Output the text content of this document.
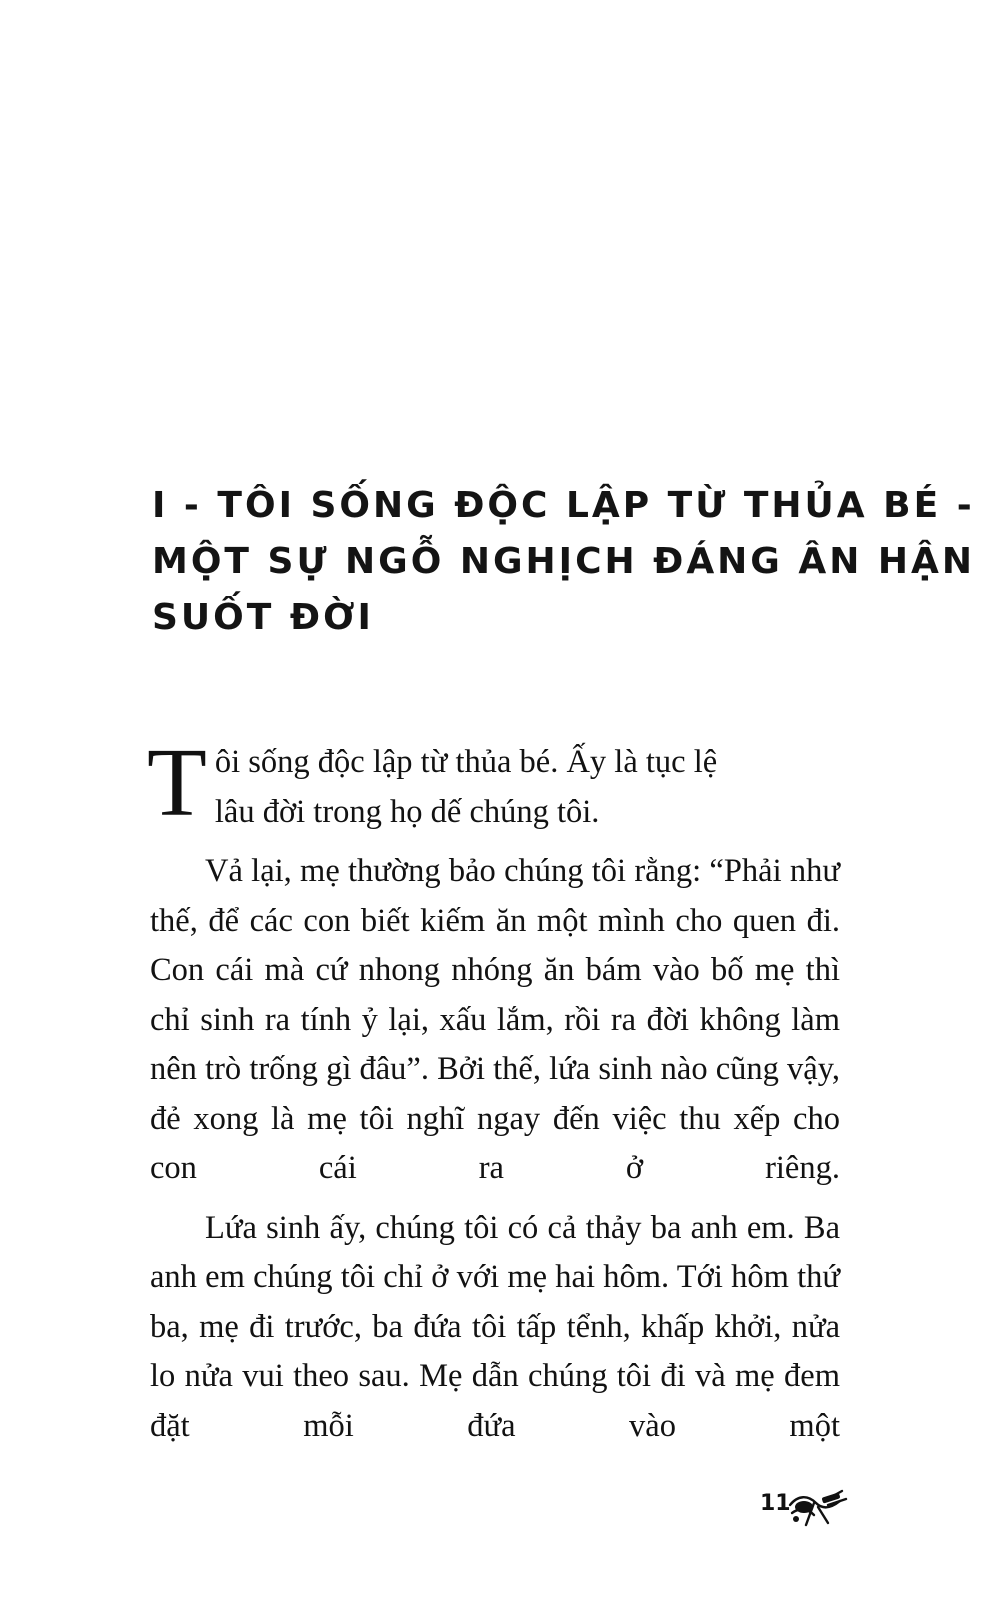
I - TÔI SỐNG ĐỘC LẬP TỪ THỦA BÉ -
MỘT SỰ NGỖ NGHỊCH ĐÁNG ÂN HẬN
SUỐT ĐỜI

T ôi sống độc lập từ thủa bé. Ấy là tục lệ
lâu đời trong họ dế chúng tôi.

Vả lại, mẹ thường bảo chúng tôi rằng: “Phải như thế, để các con biết kiếm ăn một mình cho quen đi. Con cái mà cứ nhong nhóng ăn bám vào bố mẹ thì chỉ sinh ra tính ỷ lại, xấu lắm, rồi ra đời không làm nên trò trống gì đâu”. Bởi thế, lứa sinh nào cũng vậy, đẻ xong là mẹ tôi nghĩ ngay đến việc thu xếp cho con cái ra ở riêng.

Lứa sinh ấy, chúng tôi có cả thảy ba anh em. Ba anh em chúng tôi chỉ ở với mẹ hai hôm. Tới hôm thứ ba, mẹ đi trước, ba đứa tôi tấp tểnh, khấp khởi, nửa lo nửa vui theo sau. Mẹ dẫn chúng tôi đi và mẹ đem đặt mỗi đứa vào một

11
